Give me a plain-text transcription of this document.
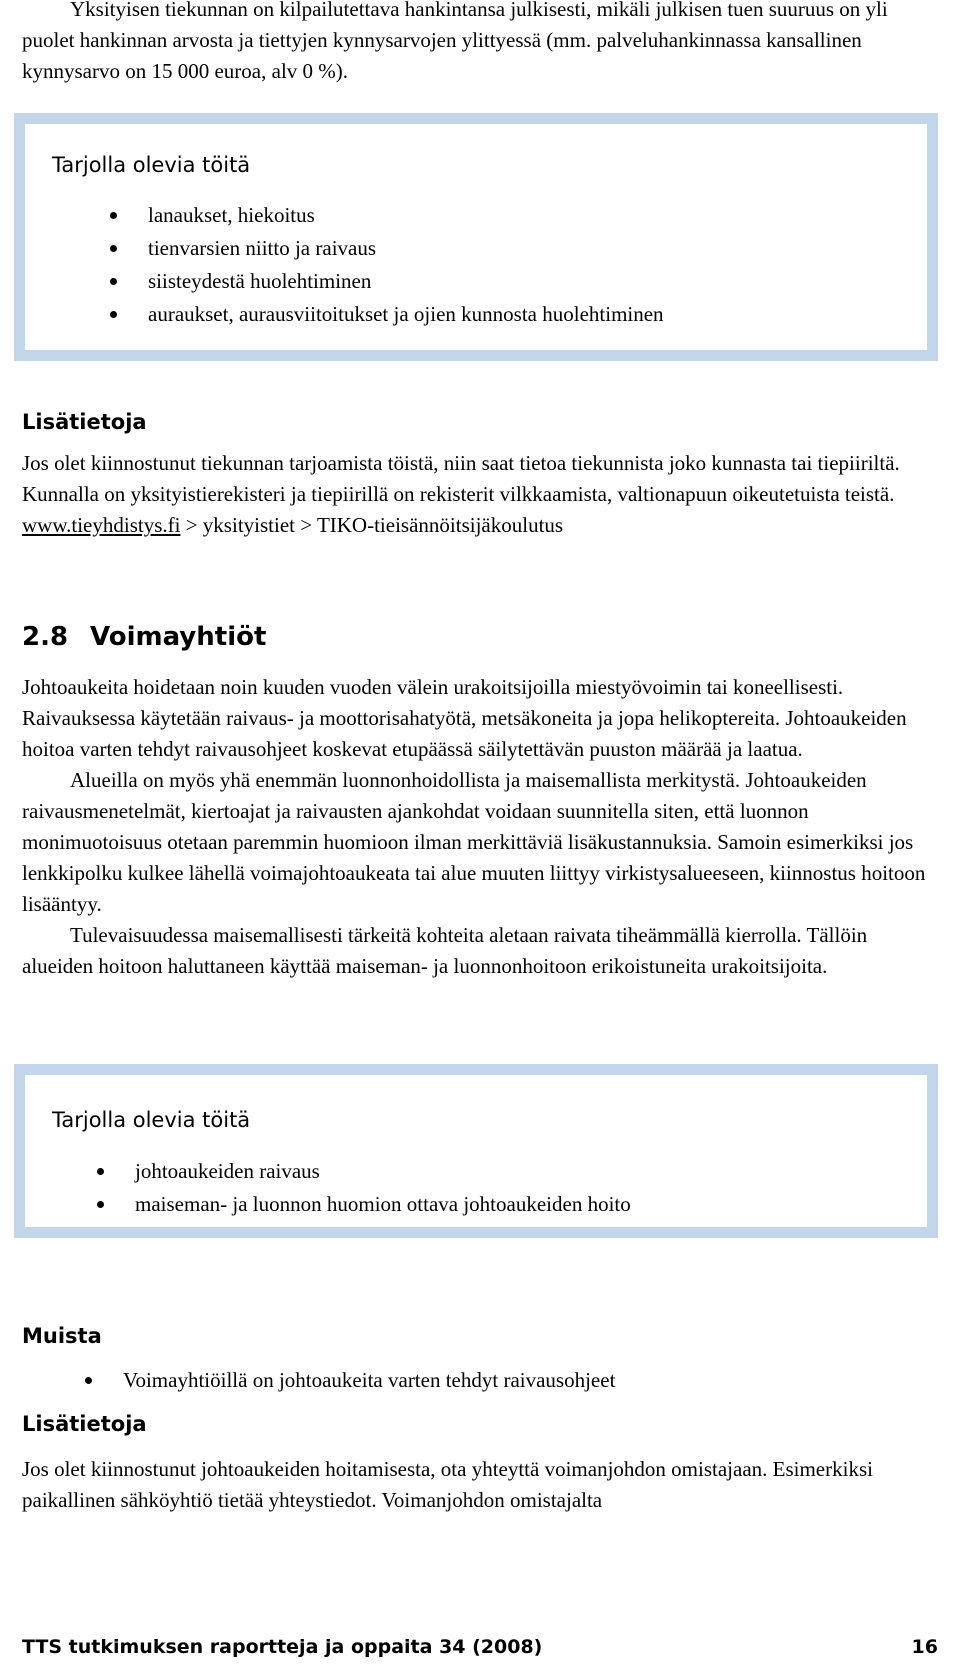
Yksityisen tiekunnan on kilpailutettava hankintansa julkisesti, mikäli julkisen tuen suuruus on yli puolet hankinnan arvosta ja tiettyjen kynnysarvojen ylittyessä (mm. palveluhankinnassa kansallinen kynnysarvo on 15 000 euroa, alv 0 %).

Tarjolla olevia töitä
lanaukset, hiekoitus
tienvarsien niitto ja raivaus
siisteydestä huolehtiminen
auraukset, aurausviitoitukset ja ojien kunnosta huolehtiminen
Lisätietoja

Jos olet kiinnostunut tiekunnan tarjoamista töistä, niin saat tietoa tiekunnista joko kunnasta tai tiepiiriltä. Kunnalla on yksityistierekisteri ja tiepiirillä on rekisterit vilkkaamista, valtionapuun oikeutetuista teistä.

www.tieyhdistys.fi > yksityistiet > TIKO-tieisännöitsijäkoulutus

2.8 Voimayhtiöt

Johtoaukeita hoidetaan noin kuuden vuoden välein urakoitsijoilla miestyövoimin tai koneellisesti. Raivauksessa käytetään raivaus- ja moottorisahatyötä, metsäkoneita ja jopa helikoptereita. Johtoaukeiden hoitoa varten tehdyt raivausohjeet koskevat etupäässä säilytettävän puuston määrää ja laatua.

Alueilla on myös yhä enemmän luonnonhoidollista ja maisemallista merkitystä. Johtoaukeiden raivausmenetelmät, kiertoajat ja raivausten ajankohdat voidaan suunnitella siten, että luonnon monimuotoisuus otetaan paremmin huomioon ilman merkittäviä lisäkustannuksia. Samoin esimerkiksi jos lenkkipolku kulkee lähellä voimajohtoaukeata tai alue muuten liittyy virkistysalueeseen, kiinnostus hoitoon lisääntyy.

Tulevaisuudessa maisemallisesti tärkeitä kohteita aletaan raivata tiheämmällä kierrolla. Tällöin alueiden hoitoon haluttaneen käyttää maiseman- ja luonnonhoitoon erikoistuneita urakoitsijoita.

Tarjolla olevia töitä
johtoaukeiden raivaus
maiseman- ja luonnon huomion ottava johtoaukeiden hoito
Muista
Voimayhtiöillä on johtoaukeita varten tehdyt raivausohjeet
Lisätietoja

Jos olet kiinnostunut johtoaukeiden hoitamisesta, ota yhteyttä voimanjohdon omistajaan. Esimerkiksi paikallinen sähköyhtiö tietää yhteystiedot. Voimanjohdon omistajalta

TTS tutkimuksen raportteja ja oppaita 34 (2008)	16
